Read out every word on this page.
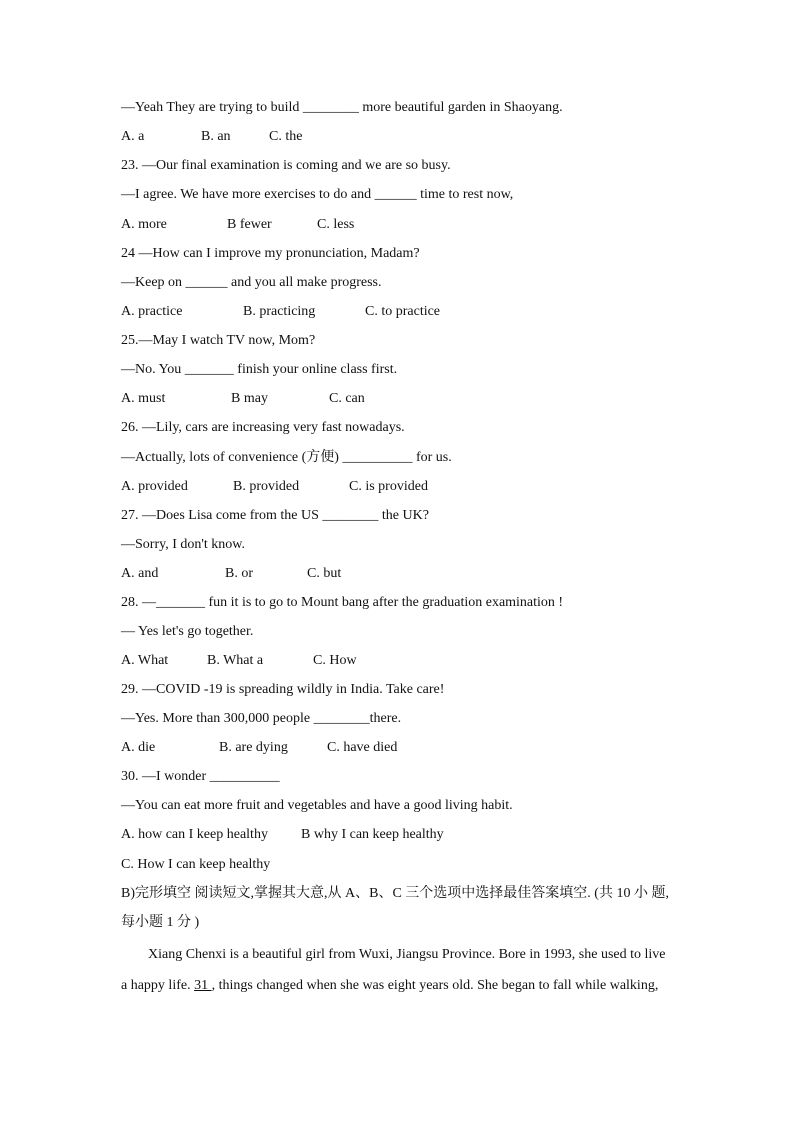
—Yeah They are trying to build ________ more beautiful garden in Shaoyang.
A. a	B. an	C. the
23. —Our final examination is coming and we are so busy.
—I agree. We have more exercises to do and ______ time to rest now,
A. more	B fewer	C. less
24 —How can I improve my pronunciation, Madam?
—Keep on ______ and you all make progress.
A. practice	B. practicing	C. to practice
25.—May I watch TV now, Mom?
—No. You _______ finish your online class first.
A. must	B may	C. can
26. —Lily, cars are increasing very fast nowadays.
—Actually, lots of convenience (方便) __________ for us.
A. provided	B. provided	C. is provided
27. —Does Lisa come from the US ________ the UK?
—Sorry, I don't know.
A. and	B. or	C. but
28. —_______ fun it is to go to Mount bang after the graduation examination !
— Yes let's go together.
A. What	B. What a	C. How
29. —COVID -19 is spreading wildly in India. Take care!
—Yes. More than 300,000 people ________there.
A. die	B. are dying	C. have died
30. —I wonder __________
—You can eat more fruit and vegetables and have a good living habit.
A. how can I keep healthy B why I can keep healthy
C. How I can keep healthy
B)完形填空 阅读短文,掌握其大意,从 A、B、C 三个选项中选择最佳答案填空. (共 10 小 题,
每小题 1 分 )
Xiang Chenxi is a beautiful girl from Wuxi, Jiangsu Province. Bore in 1993, she used to live
a happy life. 31 , things changed when she was eight years old. She began to fall while walking,
